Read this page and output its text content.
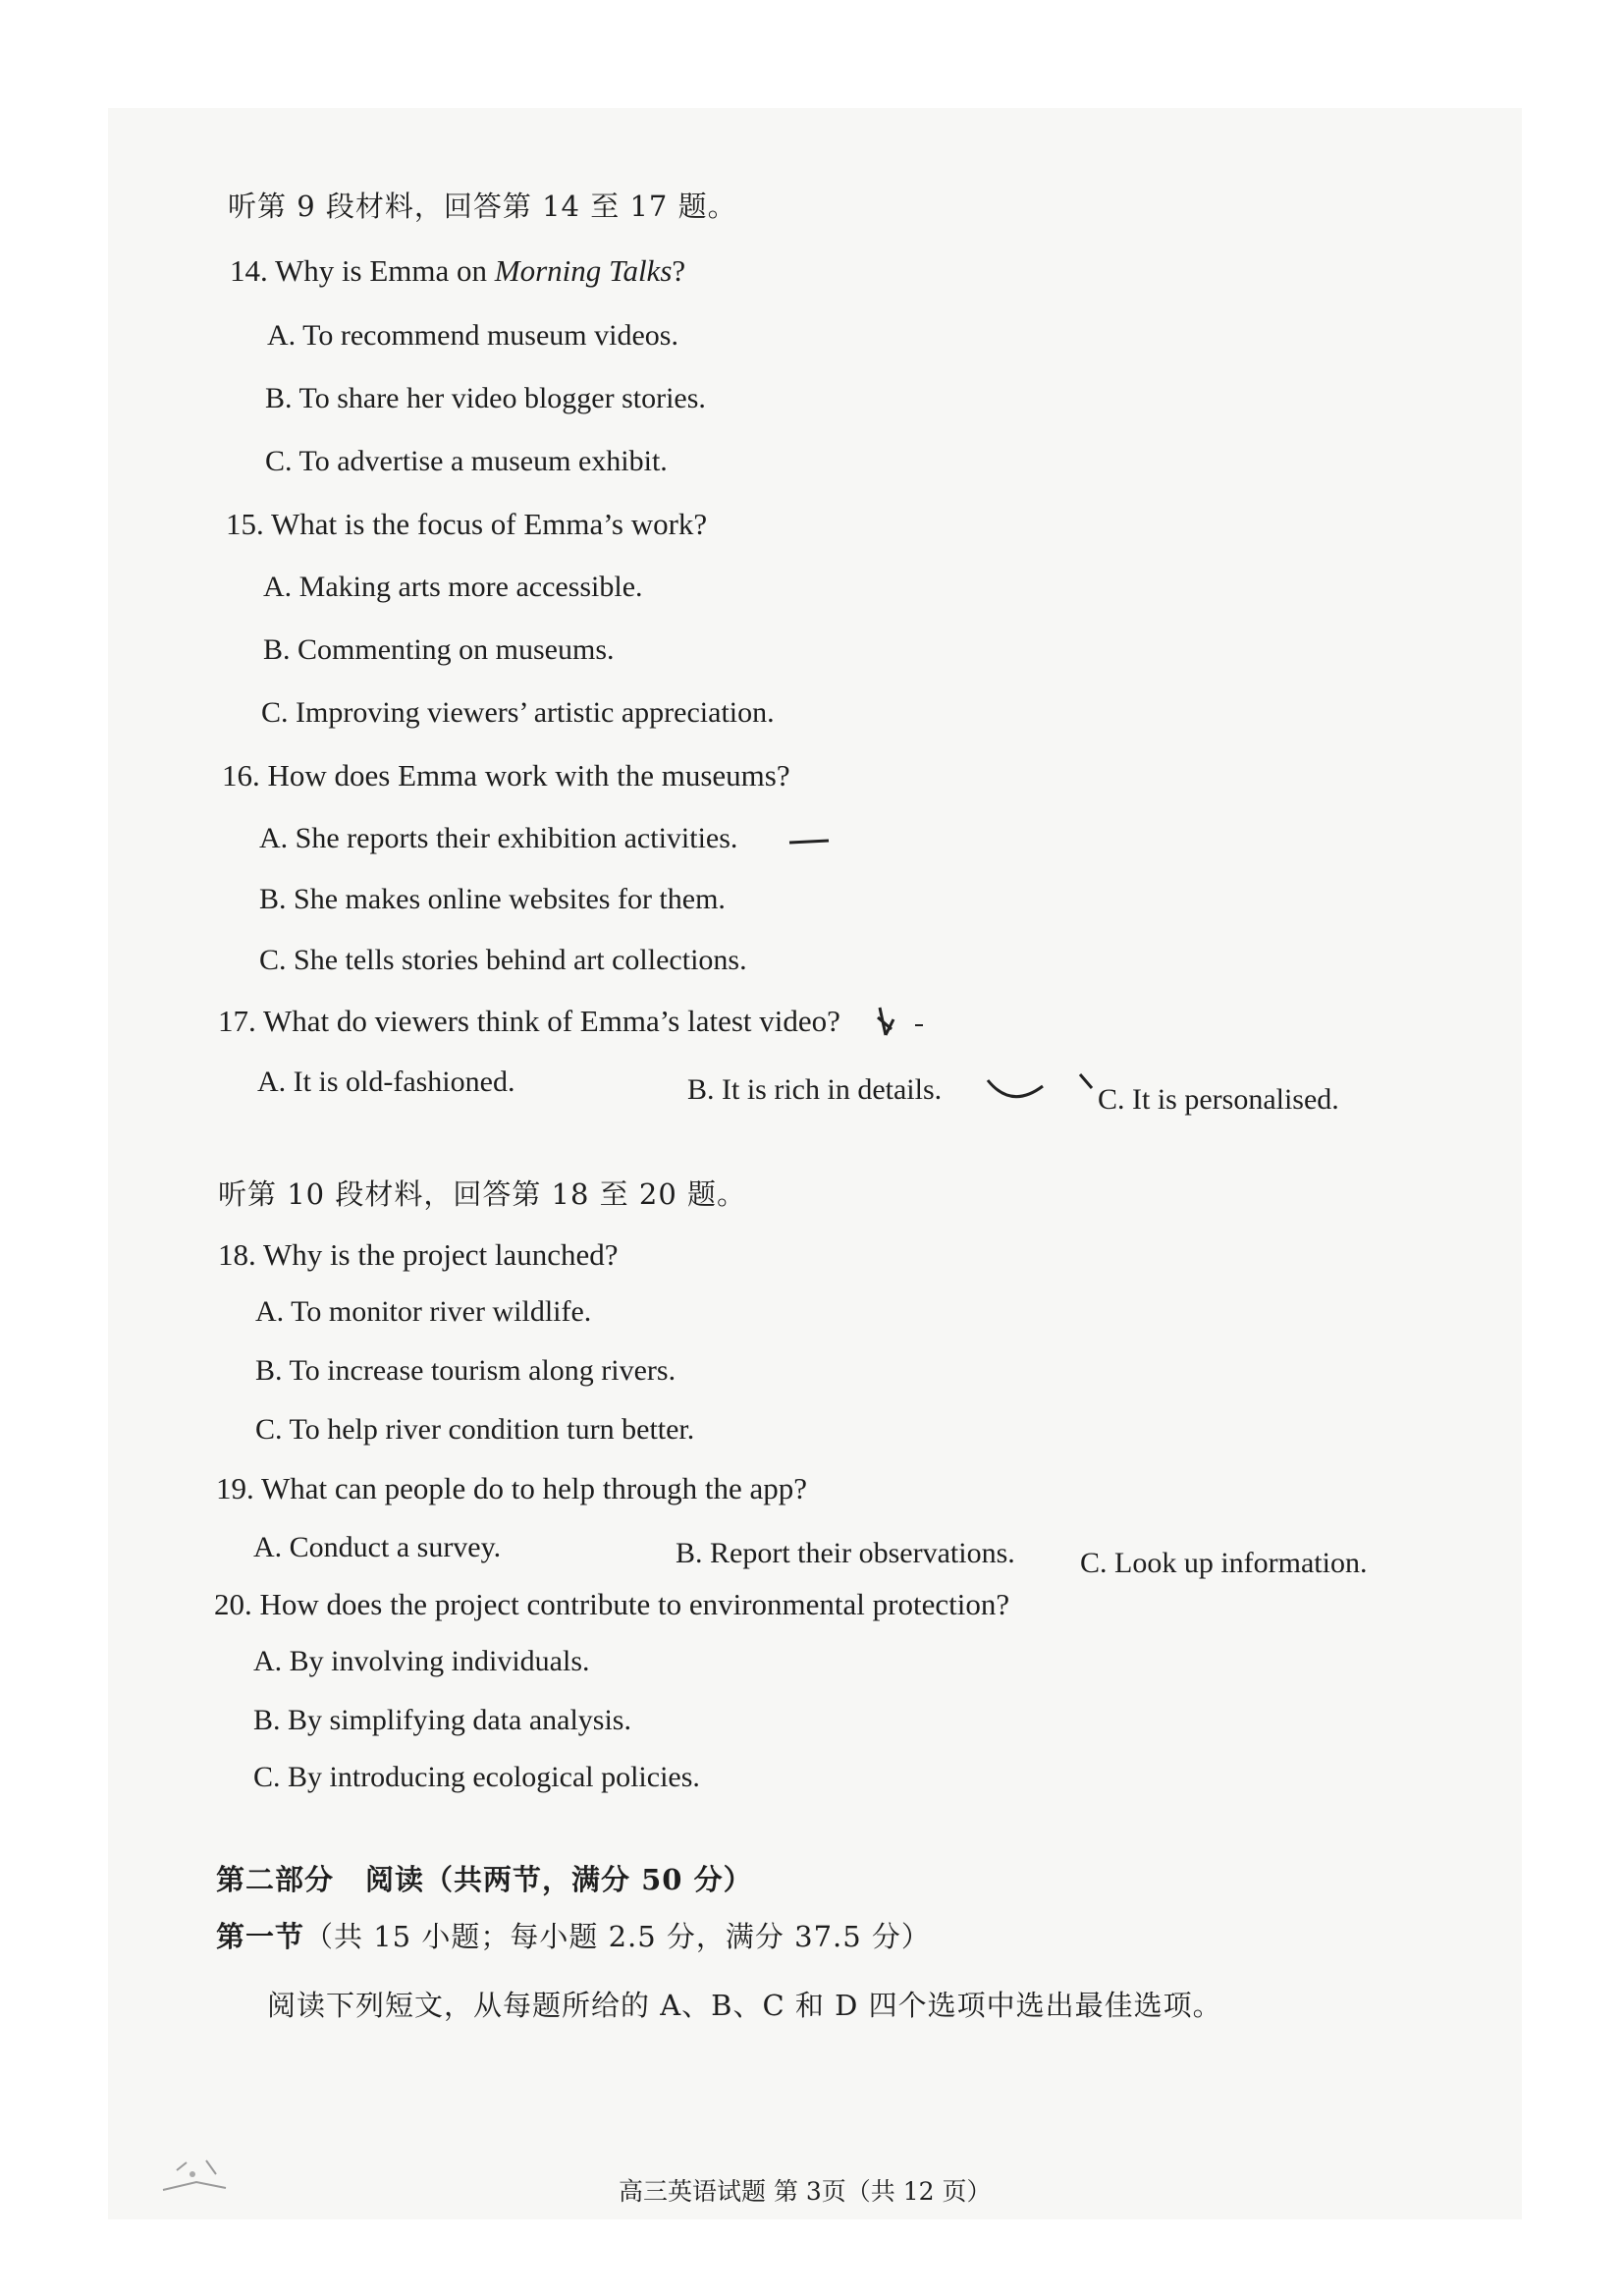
听第 9 段材料，回答第 14 至 17 题。
14. Why is Emma on Morning Talks?
A. To recommend museum videos.
B. To share her video blogger stories.
C. To advertise a museum exhibit.
15. What is the focus of Emma’s work?
A. Making arts more accessible.
B. Commenting on museums.
C. Improving viewers’ artistic appreciation.
16. How does Emma work with the museums?
A. She reports their exhibition activities.
B. She makes online websites for them.
C. She tells stories behind art collections.
17. What do viewers think of Emma’s latest video?
A. It is old-fashioned.	B. It is rich in details.	C. It is personalised.
听第 10 段材料，回答第 18 至 20 题。
18. Why is the project launched?
A. To monitor river wildlife.
B. To increase tourism along rivers.
C. To help river condition turn better.
19. What can people do to help through the app?
A. Conduct a survey.	B. Report their observations. C. Look up information.
20. How does the project contribute to environmental protection?
A. By involving individuals.
B. By simplifying data analysis.
C. By introducing ecological policies.
第二部分 阅读（共两节，满分 50 分）
第一节（共 15 小题；每小题 2.5 分，满分 37.5 分）
阅读下列短文，从每题所给的 A、B、C 和 D 四个选项中选出最佳选项。
高三英语试题 第 3页（共 12 页）
